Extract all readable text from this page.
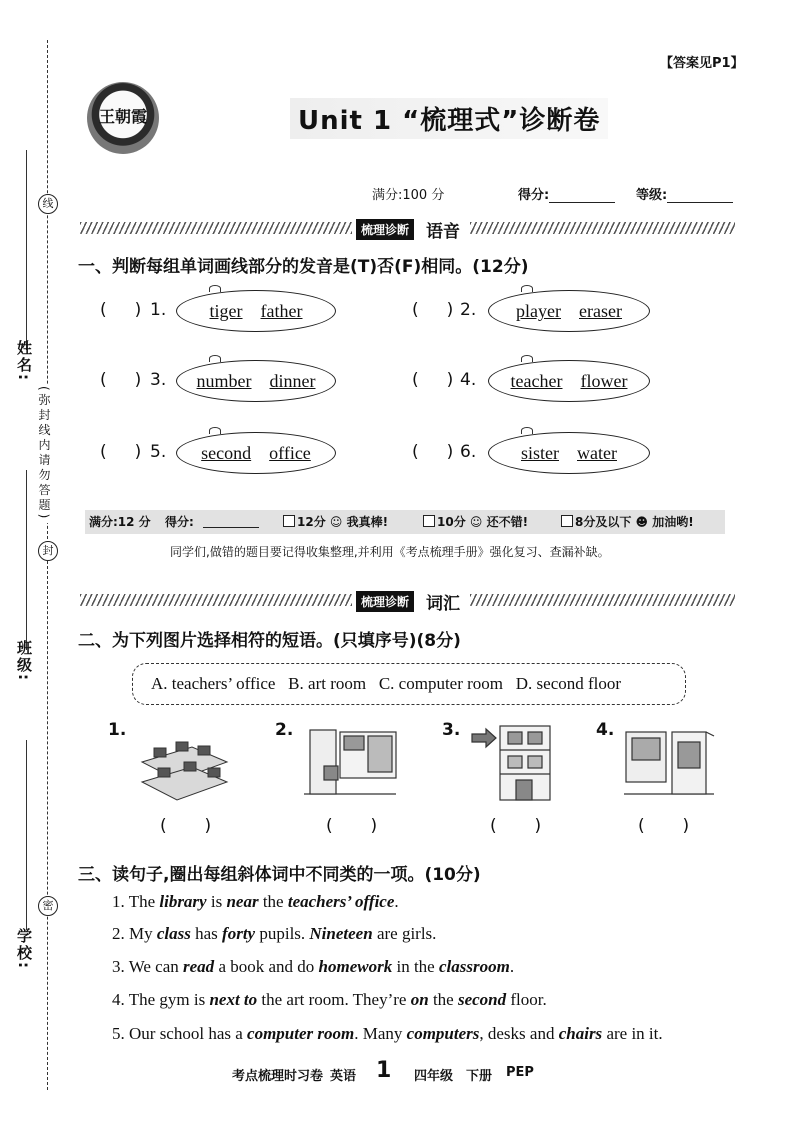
线
封
密
(弥封线内请勿答题)
姓名:
班级:
学校:
王朝霞
【答案见P1】
Unit 1 “梳理式”诊断卷
满分:100 分	得分:	等级:
梳理诊断 语音
一、判断每组单词画线部分的发音是(T)否(F)相同。(12分)
( ) 1.	tiger father	( ) 2.	player eraser
( ) 3.	number dinner	( ) 4.	teacher flower
( ) 5.	second office	( ) 6.	sister water
满分:12 分 得分:	12分 ☺ 我真棒!	10分 ☺ 还不错!	8分及以下 ☻ 加油哟!
同学们,做错的题目要记得收集整理,并利用《考点梳理手册》强化复习、查漏补缺。
梳理诊断 词汇
二、为下列图片选择相符的短语。(只填序号)(8分)
A. teachers’ office   B. art room   C. computer room   D. second floor
1.	2.	3.	4.
(       )	(       )	(       )	(       )
三、读句子,圈出每组斜体词中不同类的一项。(10分)
1. The library is near the teachers’ office.
2. My class has forty pupils. Nineteen are girls.
3. We can read a book and do homework in the classroom.
4. The gym is next to the art room. They’re on the second floor.
5. Our school has a computer room. Many computers, desks and chairs are in it.
考点梳理时习卷 英语 1 四年级 下册 PEP
